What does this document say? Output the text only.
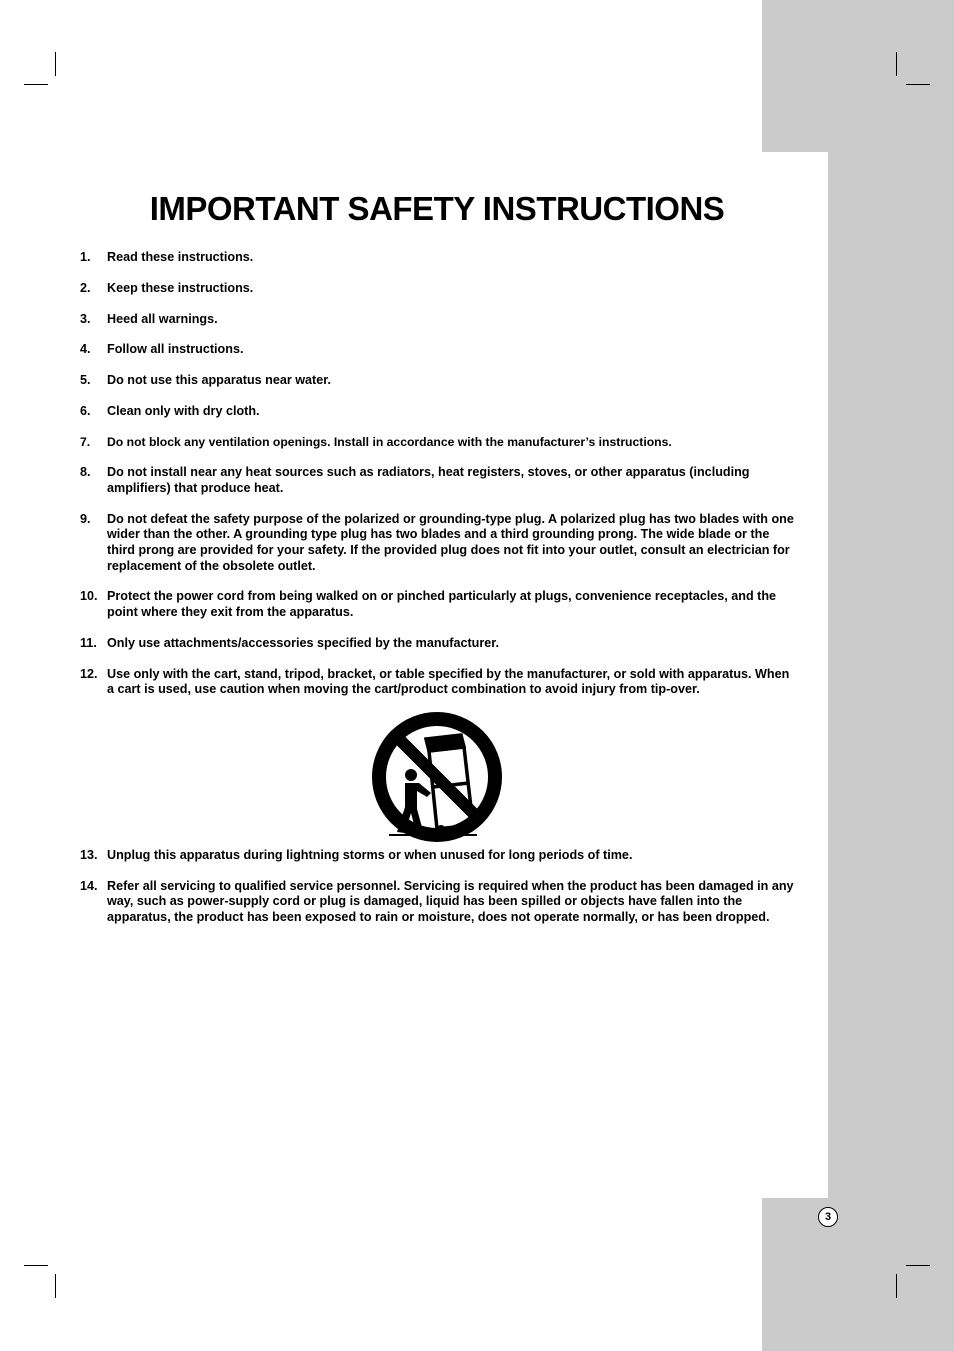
IMPORTANT SAFETY INSTRUCTIONS
1. Read these instructions.
2. Keep these instructions.
3. Heed all warnings.
4. Follow all instructions.
5. Do not use this apparatus near water.
6. Clean only with dry cloth.
7. Do not block any ventilation openings. Install in accordance with the manufacturer’s instructions.
8. Do not install near any heat sources such as radiators, heat registers, stoves, or other apparatus (including amplifiers) that produce heat.
9. Do not defeat the safety purpose of the polarized or grounding-type plug. A polarized plug has two blades with one wider than the other. A grounding type plug has two blades and a third grounding prong. The wide blade or the third prong are provided for your safety. If the provided plug does not fit into your outlet, consult an electrician for replacement of the obsolete outlet.
10. Protect the power cord from being walked on or pinched particularly at plugs, convenience receptacles, and the point where they exit from the apparatus.
11. Only use attachments/accessories specified by the manufacturer.
12. Use only with the cart, stand, tripod, bracket, or table specified by the manufacturer, or sold with apparatus. When a cart is used, use caution when moving the cart/product combination to avoid injury from tip-over.
13. Unplug this apparatus during lightning storms or when unused for long periods of time.
14. Refer all servicing to qualified service personnel. Servicing is required when the product has been damaged in any way, such as power-supply cord or plug is damaged, liquid has been spilled or objects have fallen into the apparatus, the product has been exposed to rain or moisture, does not operate normally, or has been dropped.
3
